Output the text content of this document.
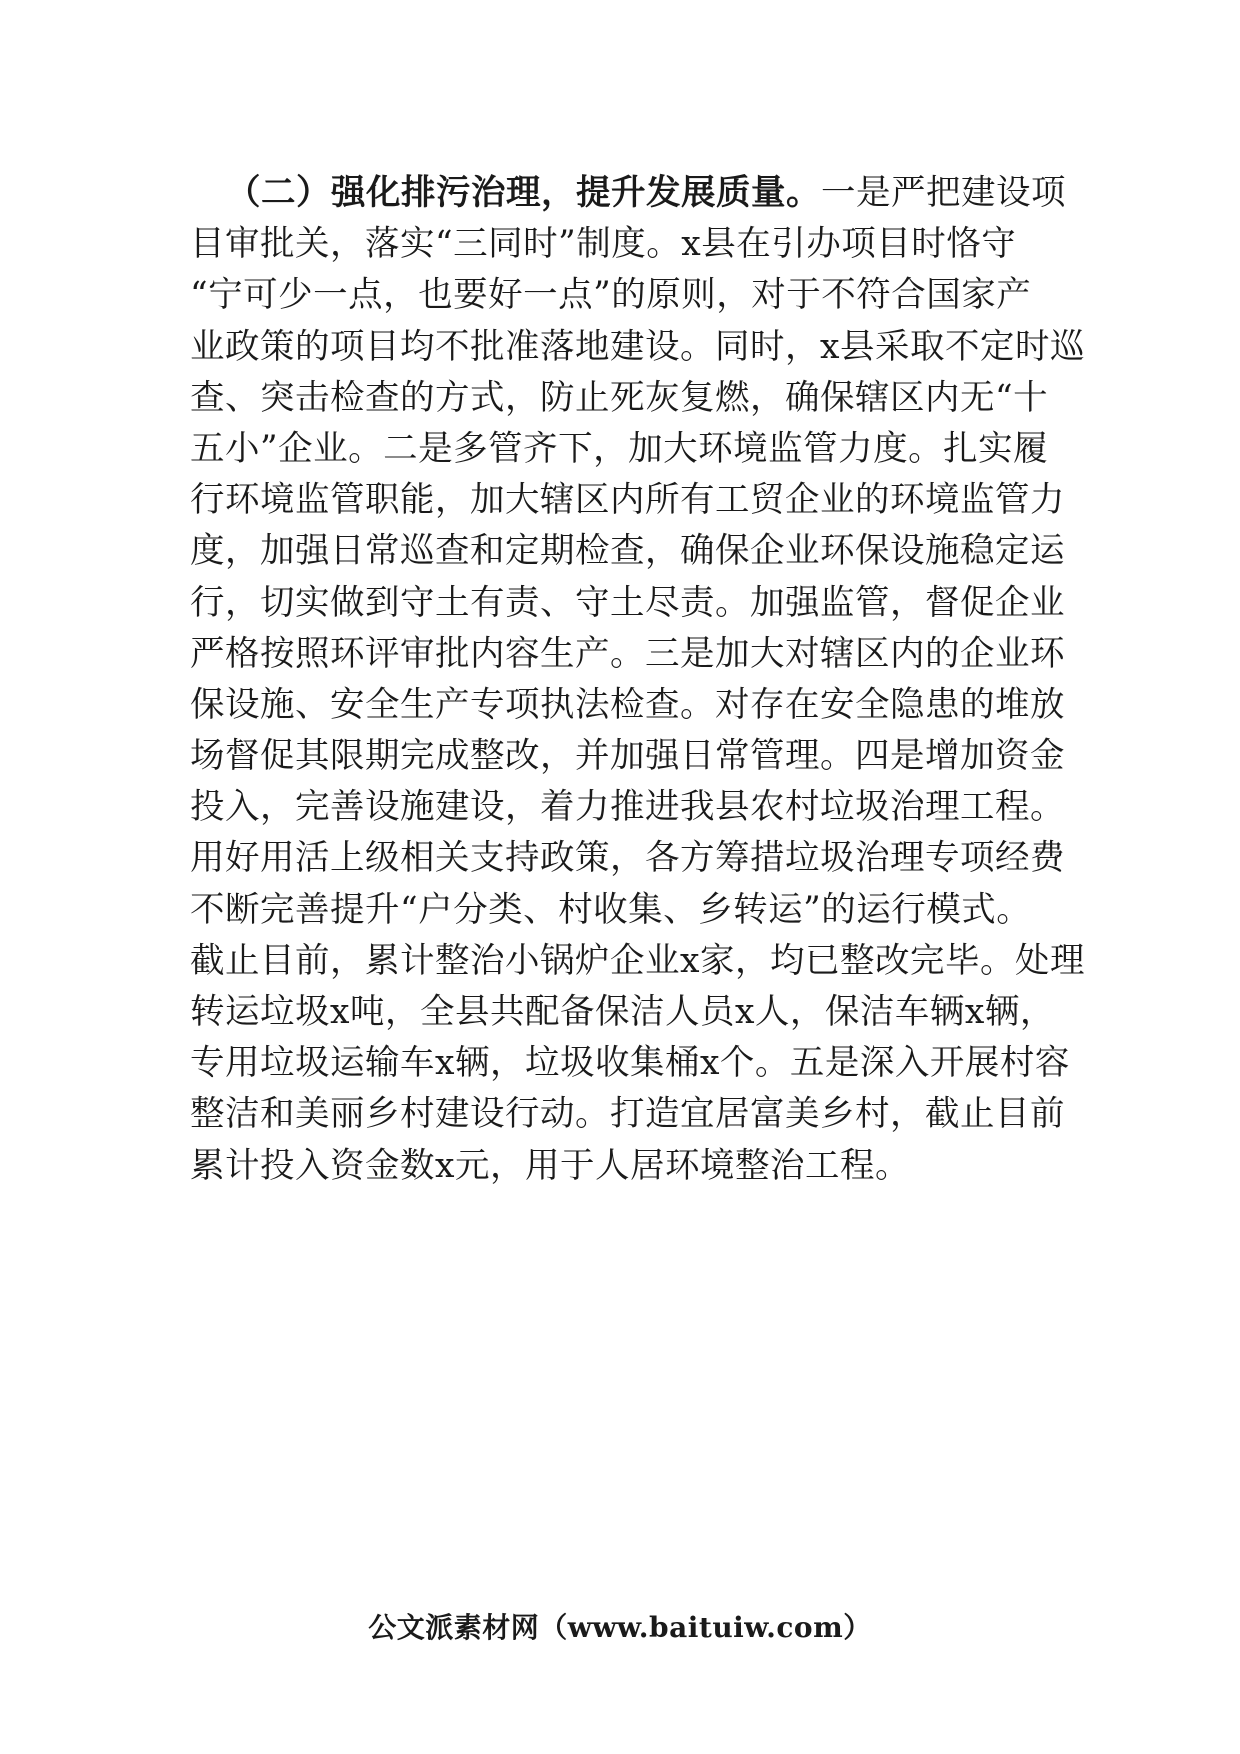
（二）强化排污治理，提升发展质量。一是严把建设项
目审批关，落实“三同时”制度。x县在引办项目时恪守
“宁可少一点，也要好一点”的原则，对于不符合国家产
业政策的项目均不批准落地建设。同时，x县采取不定时巡
查、突击检查的方式，防止死灰复燃，确保辖区内无“十
五小”企业。二是多管齐下，加大环境监管力度。扎实履
行环境监管职能，加大辖区内所有工贸企业的环境监管力
度，加强日常巡查和定期检查，确保企业环保设施稳定运
行，切实做到守土有责、守土尽责。加强监管，督促企业
严格按照环评审批内容生产。三是加大对辖区内的企业环
保设施、安全生产专项执法检查。对存在安全隐患的堆放
场督促其限期完成整改，并加强日常管理。四是增加资金
投入，完善设施建设，着力推进我县农村垃圾治理工程。
用好用活上级相关支持政策，各方筹措垃圾治理专项经费
不断完善提升“户分类、村收集、乡转运”的运行模式。
截止目前，累计整治小锅炉企业x家，均已整改完毕。处理
转运垃圾x吨，全县共配备保洁人员x人，保洁车辆x辆，
专用垃圾运输车x辆，垃圾收集桶x个。五是深入开展村容
整洁和美丽乡村建设行动。打造宜居富美乡村，截止目前
累计投入资金数x元，用于人居环境整治工程。
公文派素材网（www.baituiw.com）
